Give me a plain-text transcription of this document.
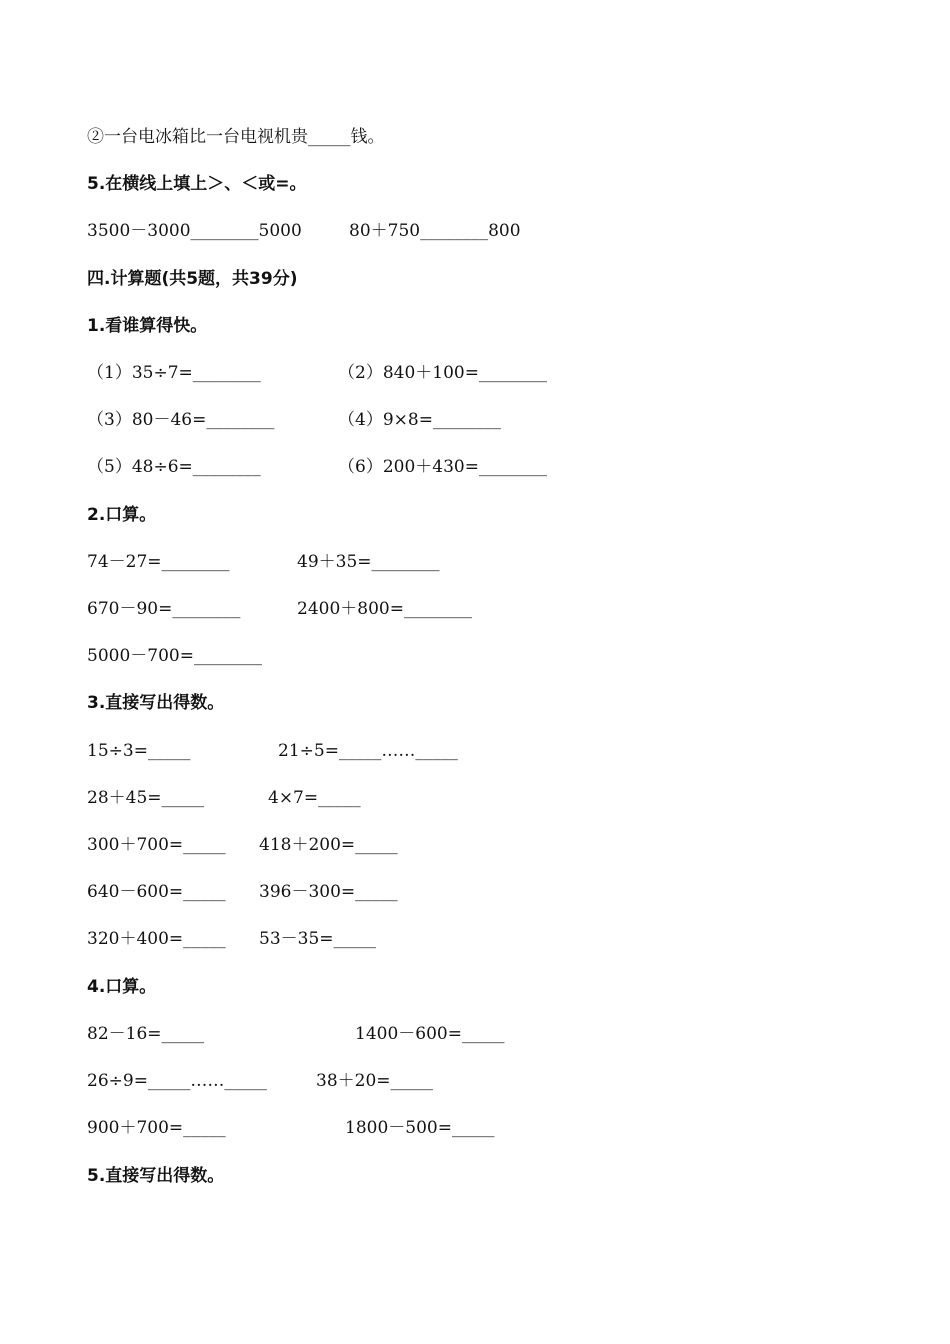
②一台电冰箱比一台电视机贵_____钱。
5.在横线上填上＞、＜或=。
3500－3000________5000	80＋750________800
四.计算题(共5题，共39分)
1.看谁算得快。
（1）35÷7=________	（2）840＋100=________
（3）80－46=________	（4）9×8=________
（5）48÷6=________	（6）200＋430=________
2.口算。
74－27=________	49＋35=________
670－90=________	2400＋800=________
5000－700=________
3.直接写出得数。
15÷3=_____	21÷5=_____……_____
28＋45=_____	4×7=_____
300＋700=_____ 418＋200=_____
640－600=_____ 396－300=_____
320＋400=_____ 53－35=_____
4.口算。
82－16=_____	1400－600=_____
26÷9=_____……_____	38＋20=_____
900＋700=_____	1800－500=_____
5.直接写出得数。
